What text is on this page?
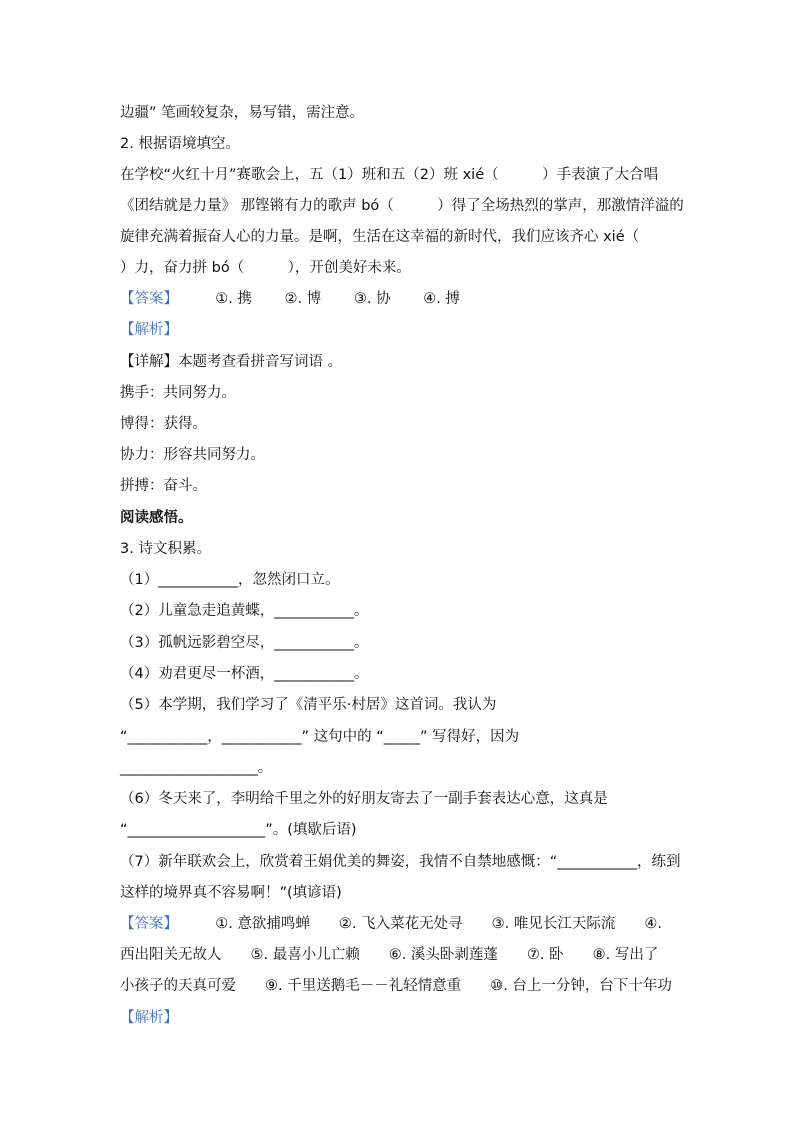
边疆” 笔画较复杂，易写错，需注意。
2. 根据语境填空。
在学校“火红十月”赛歌会上，五（1）班和五（2）班 xié（　　　）手表演了大合唱
《团结就是力量》 那铿锵有力的歌声 bó（　　　）得了全场热烈的掌声，那激情洋溢的
旋律充满着振奋人心的力量。是啊，生活在这幸福的新时代，我们应该齐心 xié（
）力，奋力拼 bó（　　　），开创美好未来。
【答案】	①. 携 ②. 博 ③. 协 ④. 搏
【解析】
【详解】本题考查看拼音写词语 。
携手：共同努力。
博得：获得。
协力：形容共同努力。
拼搏：奋斗。
阅读感悟。
3. 诗文积累。
（1）___________，忽然闭口立。
（2）儿童急走追黄蝶，___________。
（3）孤帆远影碧空尽，___________。
（4）劝君更尽一杯酒，___________。
（5）本学期，我们学习了《清平乐·村居》这首词。我认为
“___________，___________” 这句中的 “_____” 写得好，因为
___________________。
（6）冬天来了，李明给千里之外的好朋友寄去了一副手套表达心意，这真是
“___________________”。(填歇后语)
（7）新年联欢会上，欣赏着王娟优美的舞姿，我情不自禁地感慨：“___________，练到
这样的境界真不容易啊！”(填谚语)
【答案】	①. 意欲捕鸣蝉　　②. 飞入菜花无处寻　　③. 唯见长江天际流　　④.
西出阳关无故人　　⑤. 最喜小儿亡赖　　⑥. 溪头卧剥莲蓬　　⑦. 卧　　⑧. 写出了
小孩子的天真可爱　　⑨. 千里送鹅毛－－礼轻情意重　　⑩. 台上一分钟，台下十年功
【解析】
